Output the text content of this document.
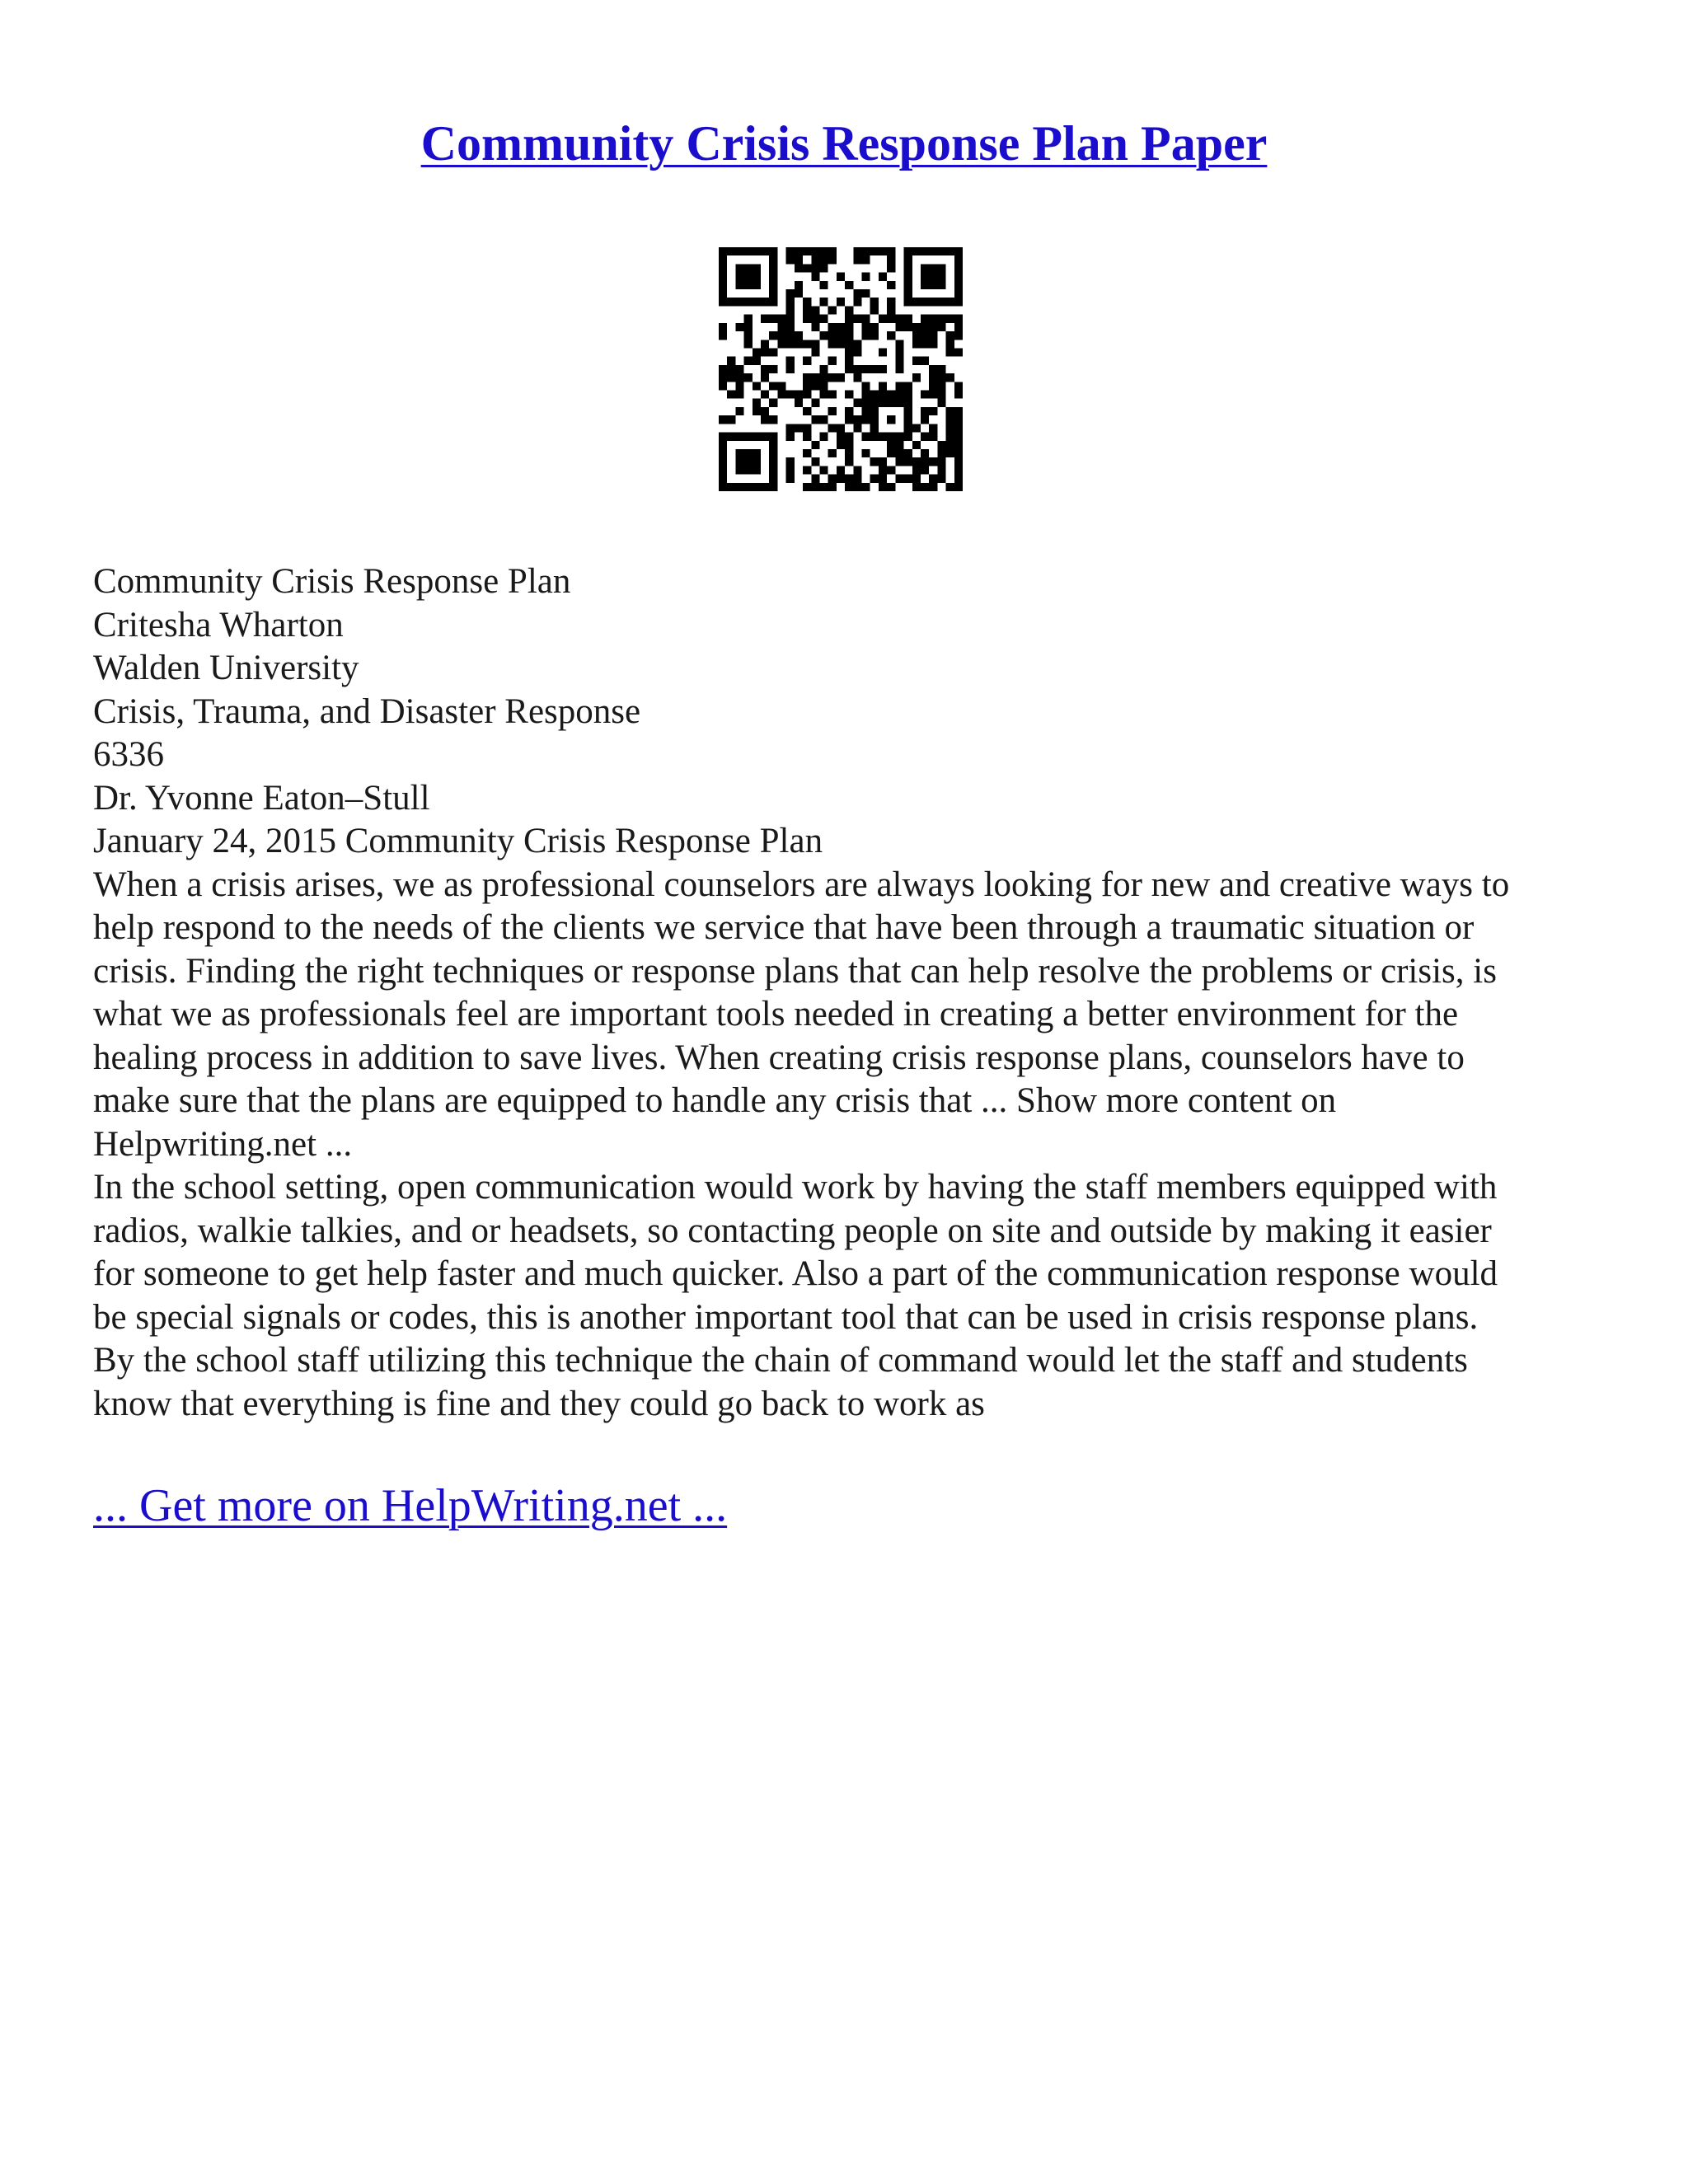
Community Crisis Response Plan Paper
Community Crisis Response Plan
Critesha Wharton
Walden University
Crisis, Trauma, and Disaster Response
6336
Dr. Yvonne Eaton–Stull
January 24, 2015 Community Crisis Response Plan
When a crisis arises, we as professional counselors are always looking for new and creative ways to
help respond to the needs of the clients we service that have been through a traumatic situation or
crisis. Finding the right techniques or response plans that can help resolve the problems or crisis, is
what we as professionals feel are important tools needed in creating a better environment for the
healing process in addition to save lives. When creating crisis response plans, counselors have to
make sure that the plans are equipped to handle any crisis that ... Show more content on
Helpwriting.net ...
In the school setting, open communication would work by having the staff members equipped with
radios, walkie talkies, and or headsets, so contacting people on site and outside by making it easier
for someone to get help faster and much quicker. Also a part of the communication response would
be special signals or codes, this is another important tool that can be used in crisis response plans.
By the school staff utilizing this technique the chain of command would let the staff and students
know that everything is fine and they could go back to work as
... Get more on HelpWriting.net ...
